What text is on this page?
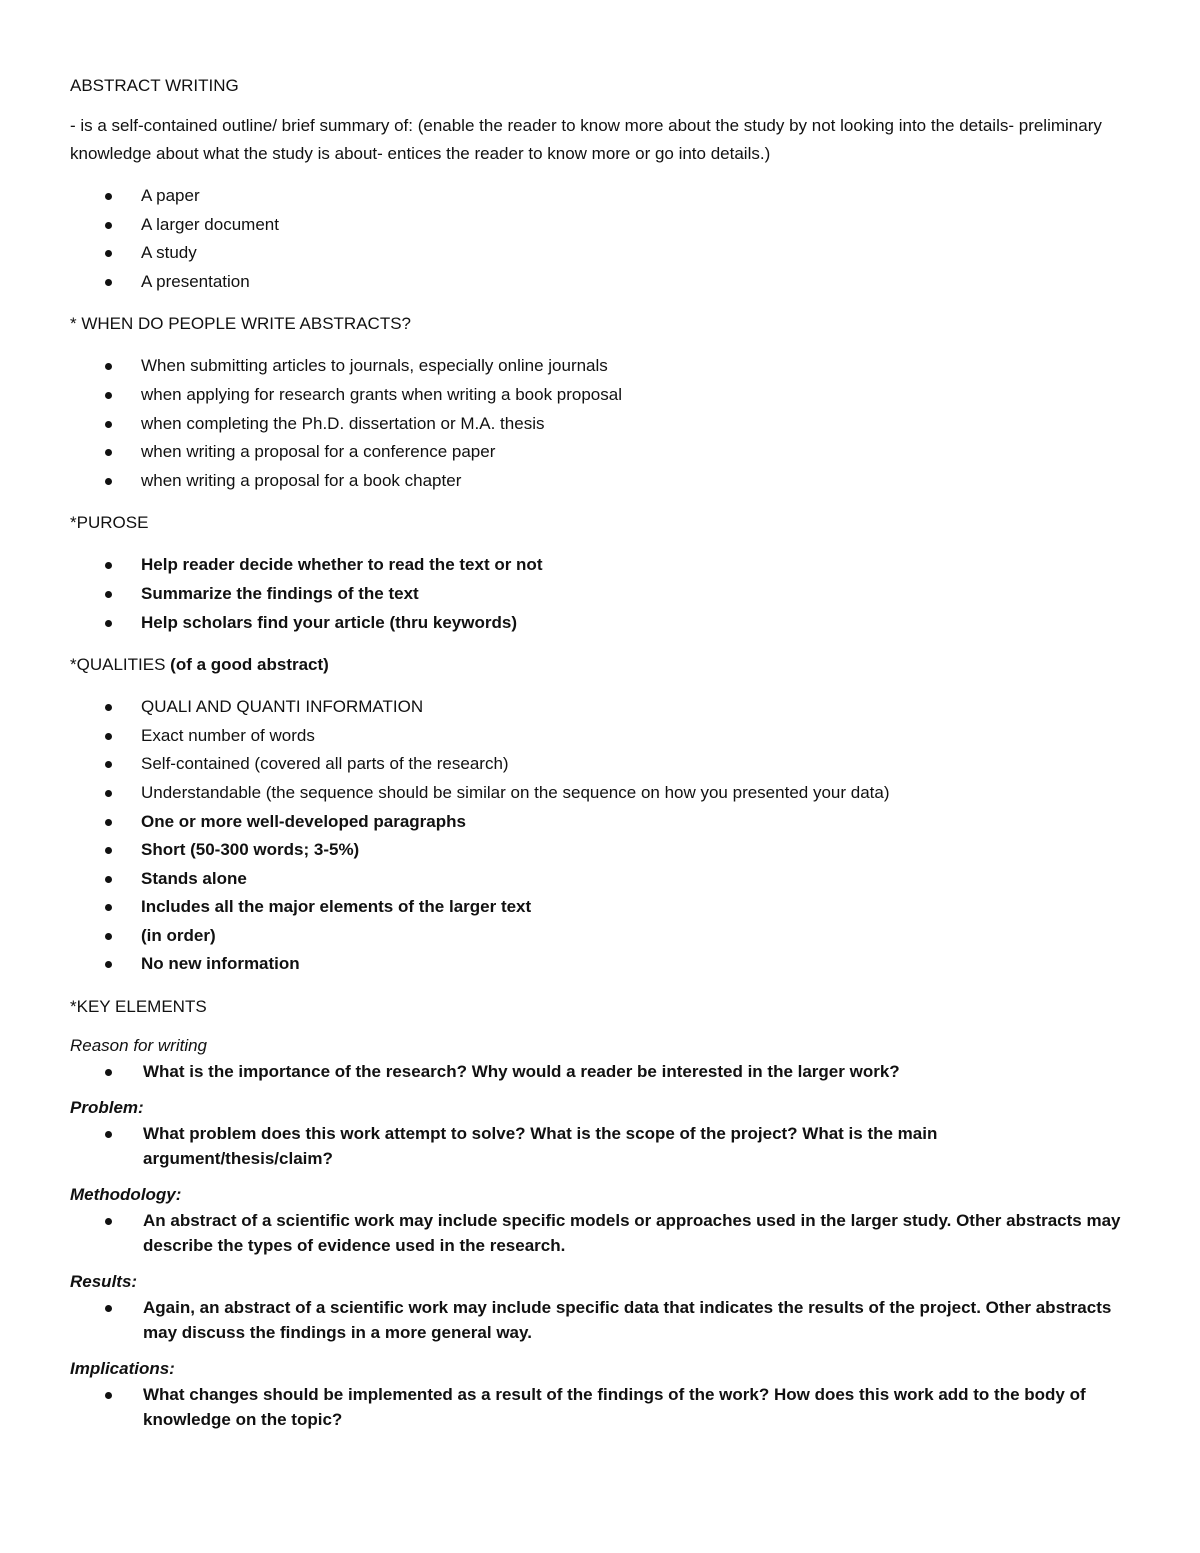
ABSTRACT WRITING

- is a self-contained outline/ brief summary of: (enable the reader to know more about the study by not looking into the details- preliminary knowledge about what the study is about- entices the reader to know more or go into details.)

A paper
A larger document
A study
A presentation

* WHEN DO PEOPLE WRITE ABSTRACTS?

When submitting articles to journals, especially online journals
when applying for research grants when writing a book proposal
when completing the Ph.D. dissertation or M.A. thesis
when writing a proposal for a conference paper
when writing a proposal for a book chapter

*PUROSE

Help reader decide whether to read the text or not
Summarize the findings of the text
Help scholars find your article (thru keywords)

*QUALITIES (of a good abstract)

QUALI AND QUANTI INFORMATION
Exact number of words
Self-contained (covered all parts of the research)
Understandable (the sequence should be similar on the sequence on how you presented your data)
One or more well-developed paragraphs
Short (50-300 words; 3-5%)
Stands alone
Includes all the major elements of the larger text
(in order)
No new information

*KEY ELEMENTS

Reason for writing

What is the importance of the research? Why would a reader be interested in the larger work?

Problem:

What problem does this work attempt to solve? What is the scope of the project? What is the main argument/thesis/claim?

Methodology:

An abstract of a scientific work may include specific models or approaches used in the larger study. Other abstracts may describe the types of evidence used in the research.

Results:

Again, an abstract of a scientific work may include specific data that indicates the results of the project. Other abstracts may discuss the findings in a more general way.

Implications:

What changes should be implemented as a result of the findings of the work? How does this work add to the body of knowledge on the topic?
